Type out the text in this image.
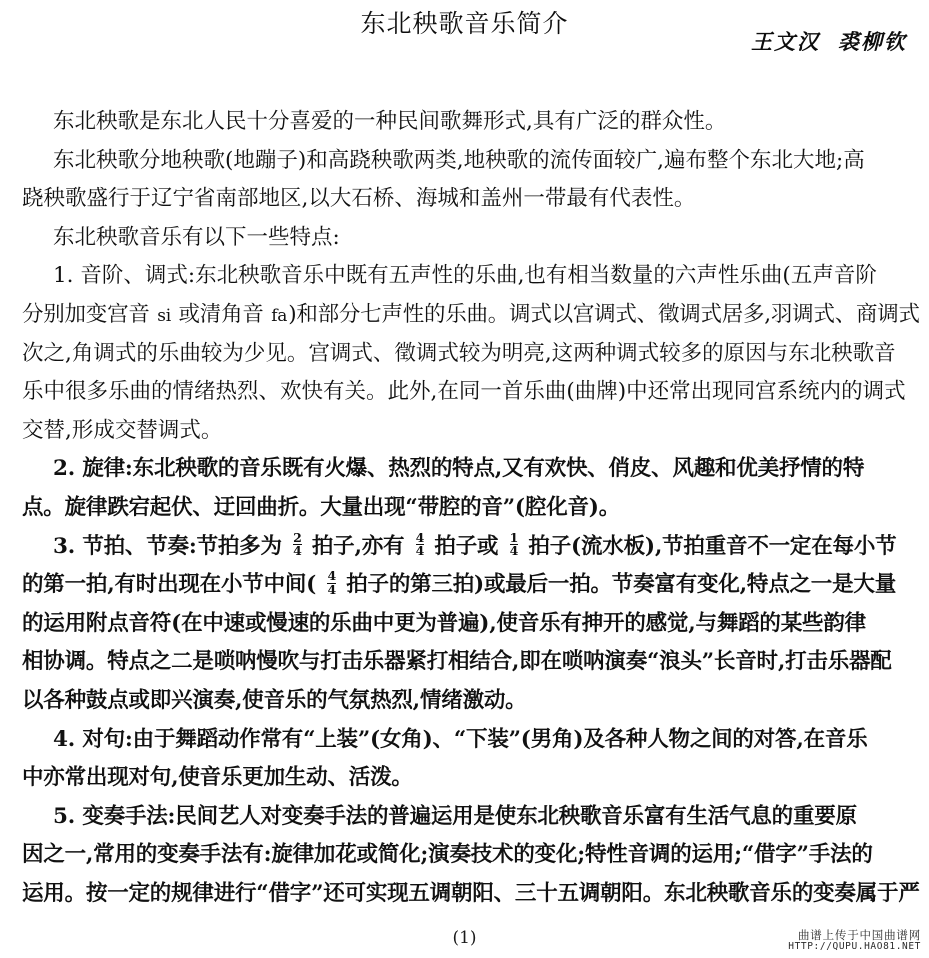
东北秧歌音乐简介
王文汉 裘柳钦
东北秧歌是东北人民十分喜爱的一种民间歌舞形式,具有广泛的群众性。
东北秧歌分地秧歌(地蹦子)和高跷秧歌两类,地秧歌的流传面较广,遍布整个东北大地;高
跷秧歌盛行于辽宁省南部地区,以大石桥、海城和盖州一带最有代表性。
东北秧歌音乐有以下一些特点:
1. 音阶、调式:东北秧歌音乐中既有五声性的乐曲,也有相当数量的六声性乐曲(五声音阶
分别加变宫音 si 或清角音 fa)和部分七声性的乐曲。调式以宫调式、徵调式居多,羽调式、商调式
次之,角调式的乐曲较为少见。宫调式、徵调式较为明亮,这两种调式较多的原因与东北秧歌音
乐中很多乐曲的情绪热烈、欢快有关。此外,在同一首乐曲(曲牌)中还常出现同宫系统内的调式
交替,形成交替调式。
2. 旋律:东北秧歌的音乐既有火爆、热烈的特点,又有欢快、俏皮、风趣和优美抒情的特
点。旋律跌宕起伏、迂回曲折。大量出现“带腔的音”(腔化音)。
3. 节拍、节奏:节拍多为 $\frac{2}{4}$ 拍子,亦有 $\frac{4}{4}$ 拍子或 $\frac{1}{4}$ 拍子(流水板),节拍重音不一定在每小节
的第一拍,有时出现在小节中间( $\frac{4}{4}$ 拍子的第三拍)或最后一拍。节奏富有变化,特点之一是大量
的运用附点音符(在中速或慢速的乐曲中更为普遍),使音乐有抻开的感觉,与舞蹈的某些韵律
相协调。特点之二是唢呐慢吹与打击乐器紧打相结合,即在唢呐演奏“浪头”长音时,打击乐器配
以各种鼓点或即兴演奏,使音乐的气氛热烈,情绪激动。
4. 对句:由于舞蹈动作常有“上装”(女角)、“下装”(男角)及各种人物之间的对答,在音乐
中亦常出现对句,使音乐更加生动、活泼。
5. 变奏手法:民间艺人对变奏手法的普遍运用是使东北秧歌音乐富有生活气息的重要原
因之一,常用的变奏手法有:旋律加花或简化;演奏技术的变化;特性音调的运用;“借字”手法的
运用。按一定的规律进行“借字”还可实现五调朝阳、三十五调朝阳。东北秧歌音乐的变奏属于严
(1)	曲谱上传于中国曲谱网
HTTP://QUPU.HAO81.NET
